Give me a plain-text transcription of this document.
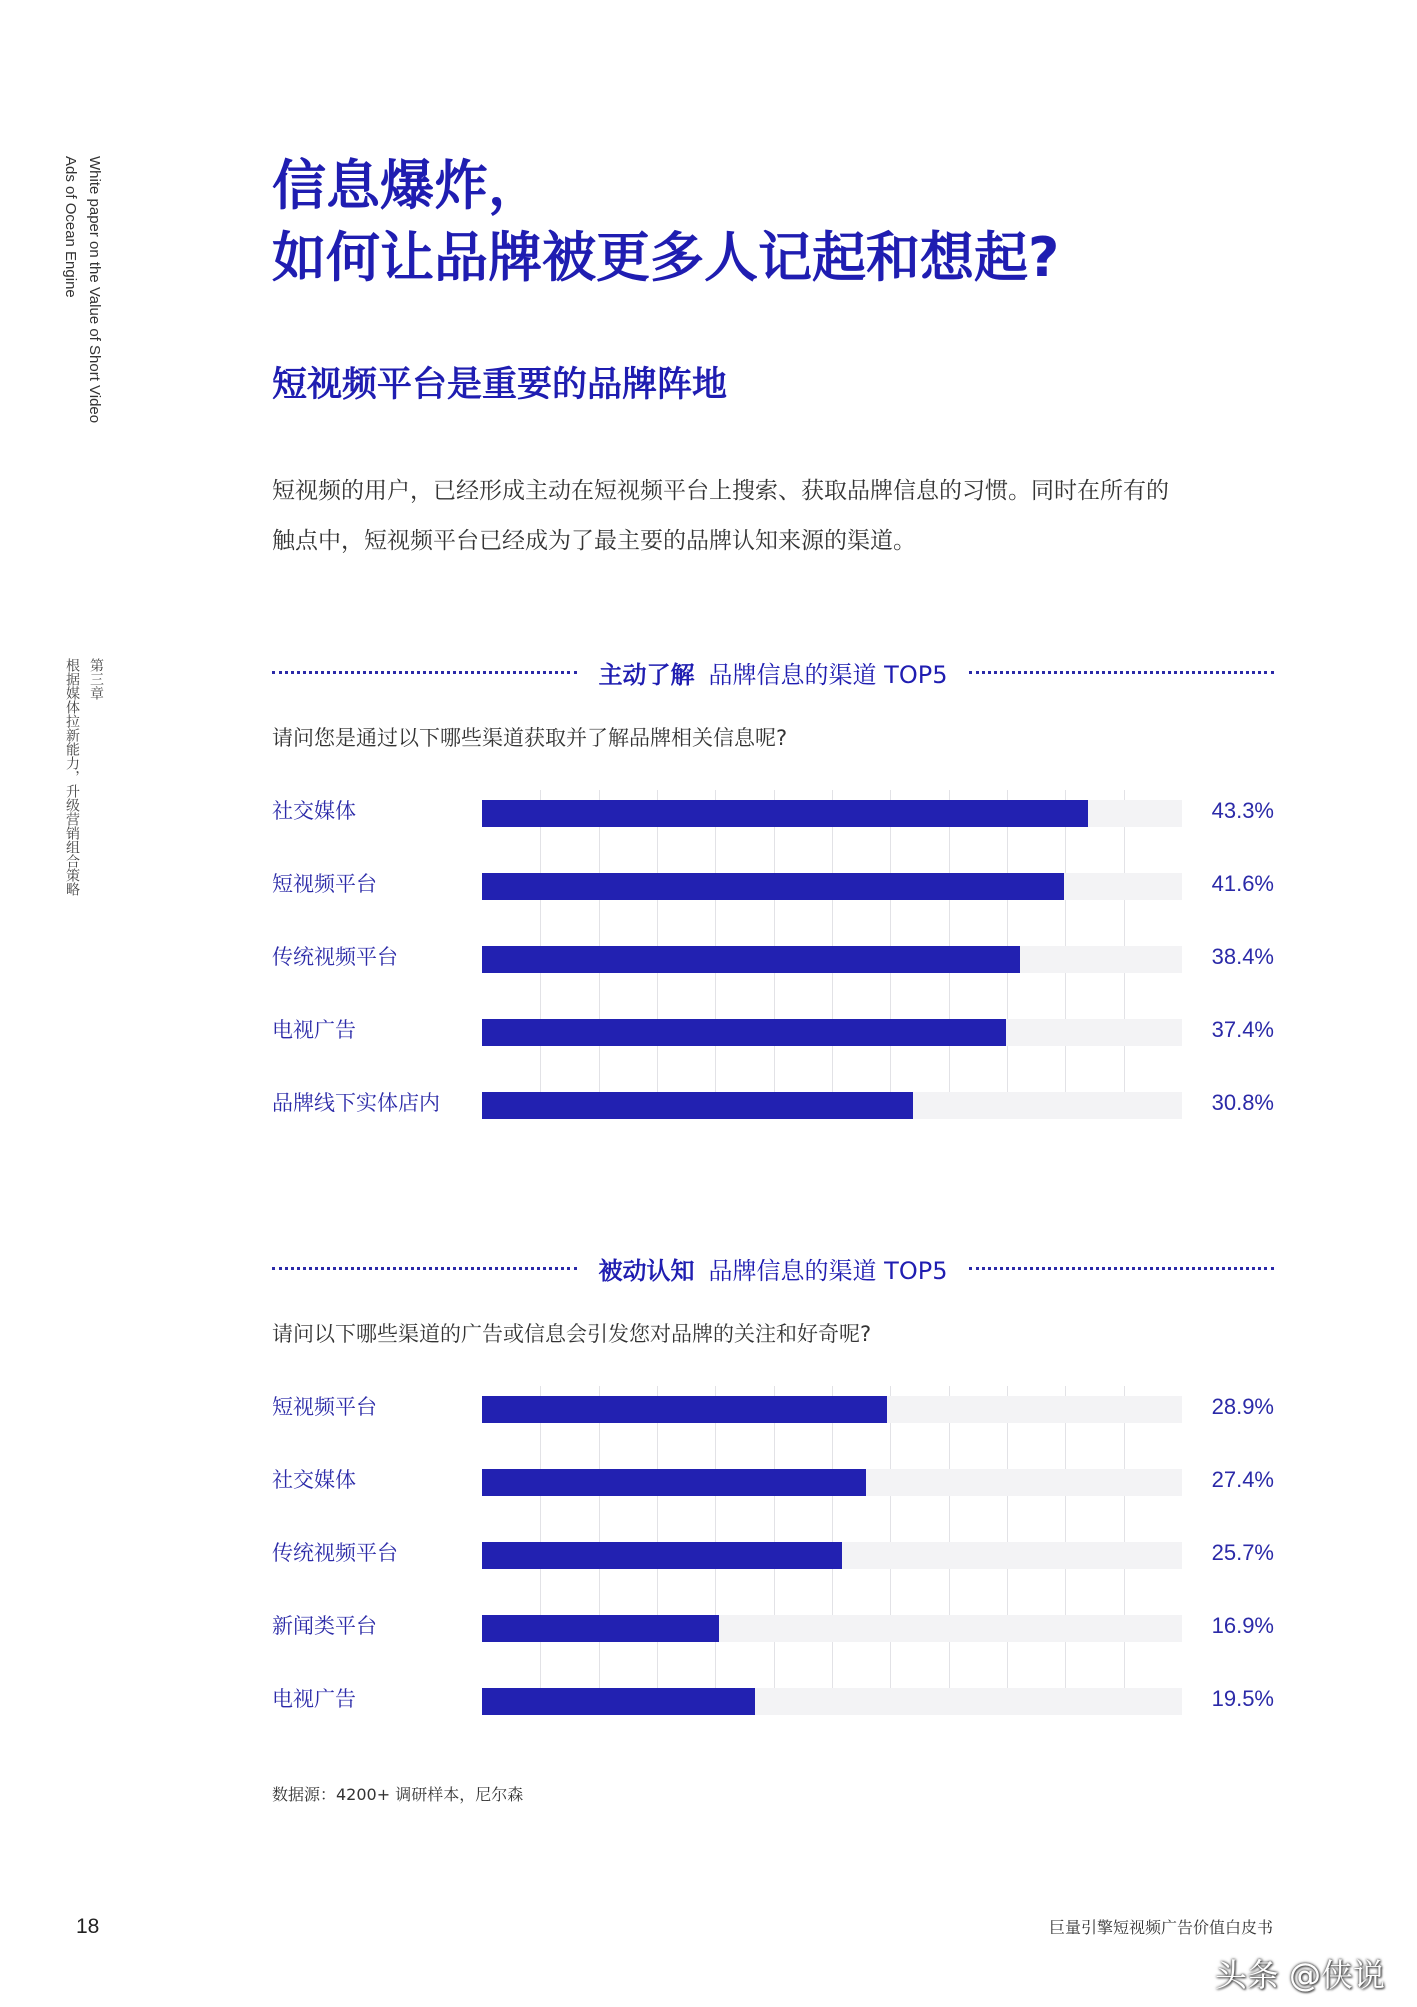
White paper on the Value of Short Video
Ads of Ocean Engine
第三章
根据媒体拉新能力，升级营销组合策略
信息爆炸，
如何让品牌被更多人记起和想起?
短视频平台是重要的品牌阵地
短视频的用户，已经形成主动在短视频平台上搜索、获取品牌信息的习惯。同时在所有的
触点中，短视频平台已经成为了最主要的品牌认知来源的渠道。
主动了解 品牌信息的渠道 TOP5
请问您是通过以下哪些渠道获取并了解品牌相关信息呢?
社交媒体	43.3%
短视频平台	41.6%
传统视频平台	38.4%
电视广告	37.4%
品牌线下实体店内	30.8%
被动认知 品牌信息的渠道 TOP5
请问以下哪些渠道的广告或信息会引发您对品牌的关注和好奇呢?
短视频平台	28.9%
社交媒体	27.4%
传统视频平台	25.7%
新闻类平台	16.9%
电视广告	19.5%
数据源：4200+ 调研样本，尼尔森
18	巨量引擎短视频广告价值白皮书
头条 @侠说
